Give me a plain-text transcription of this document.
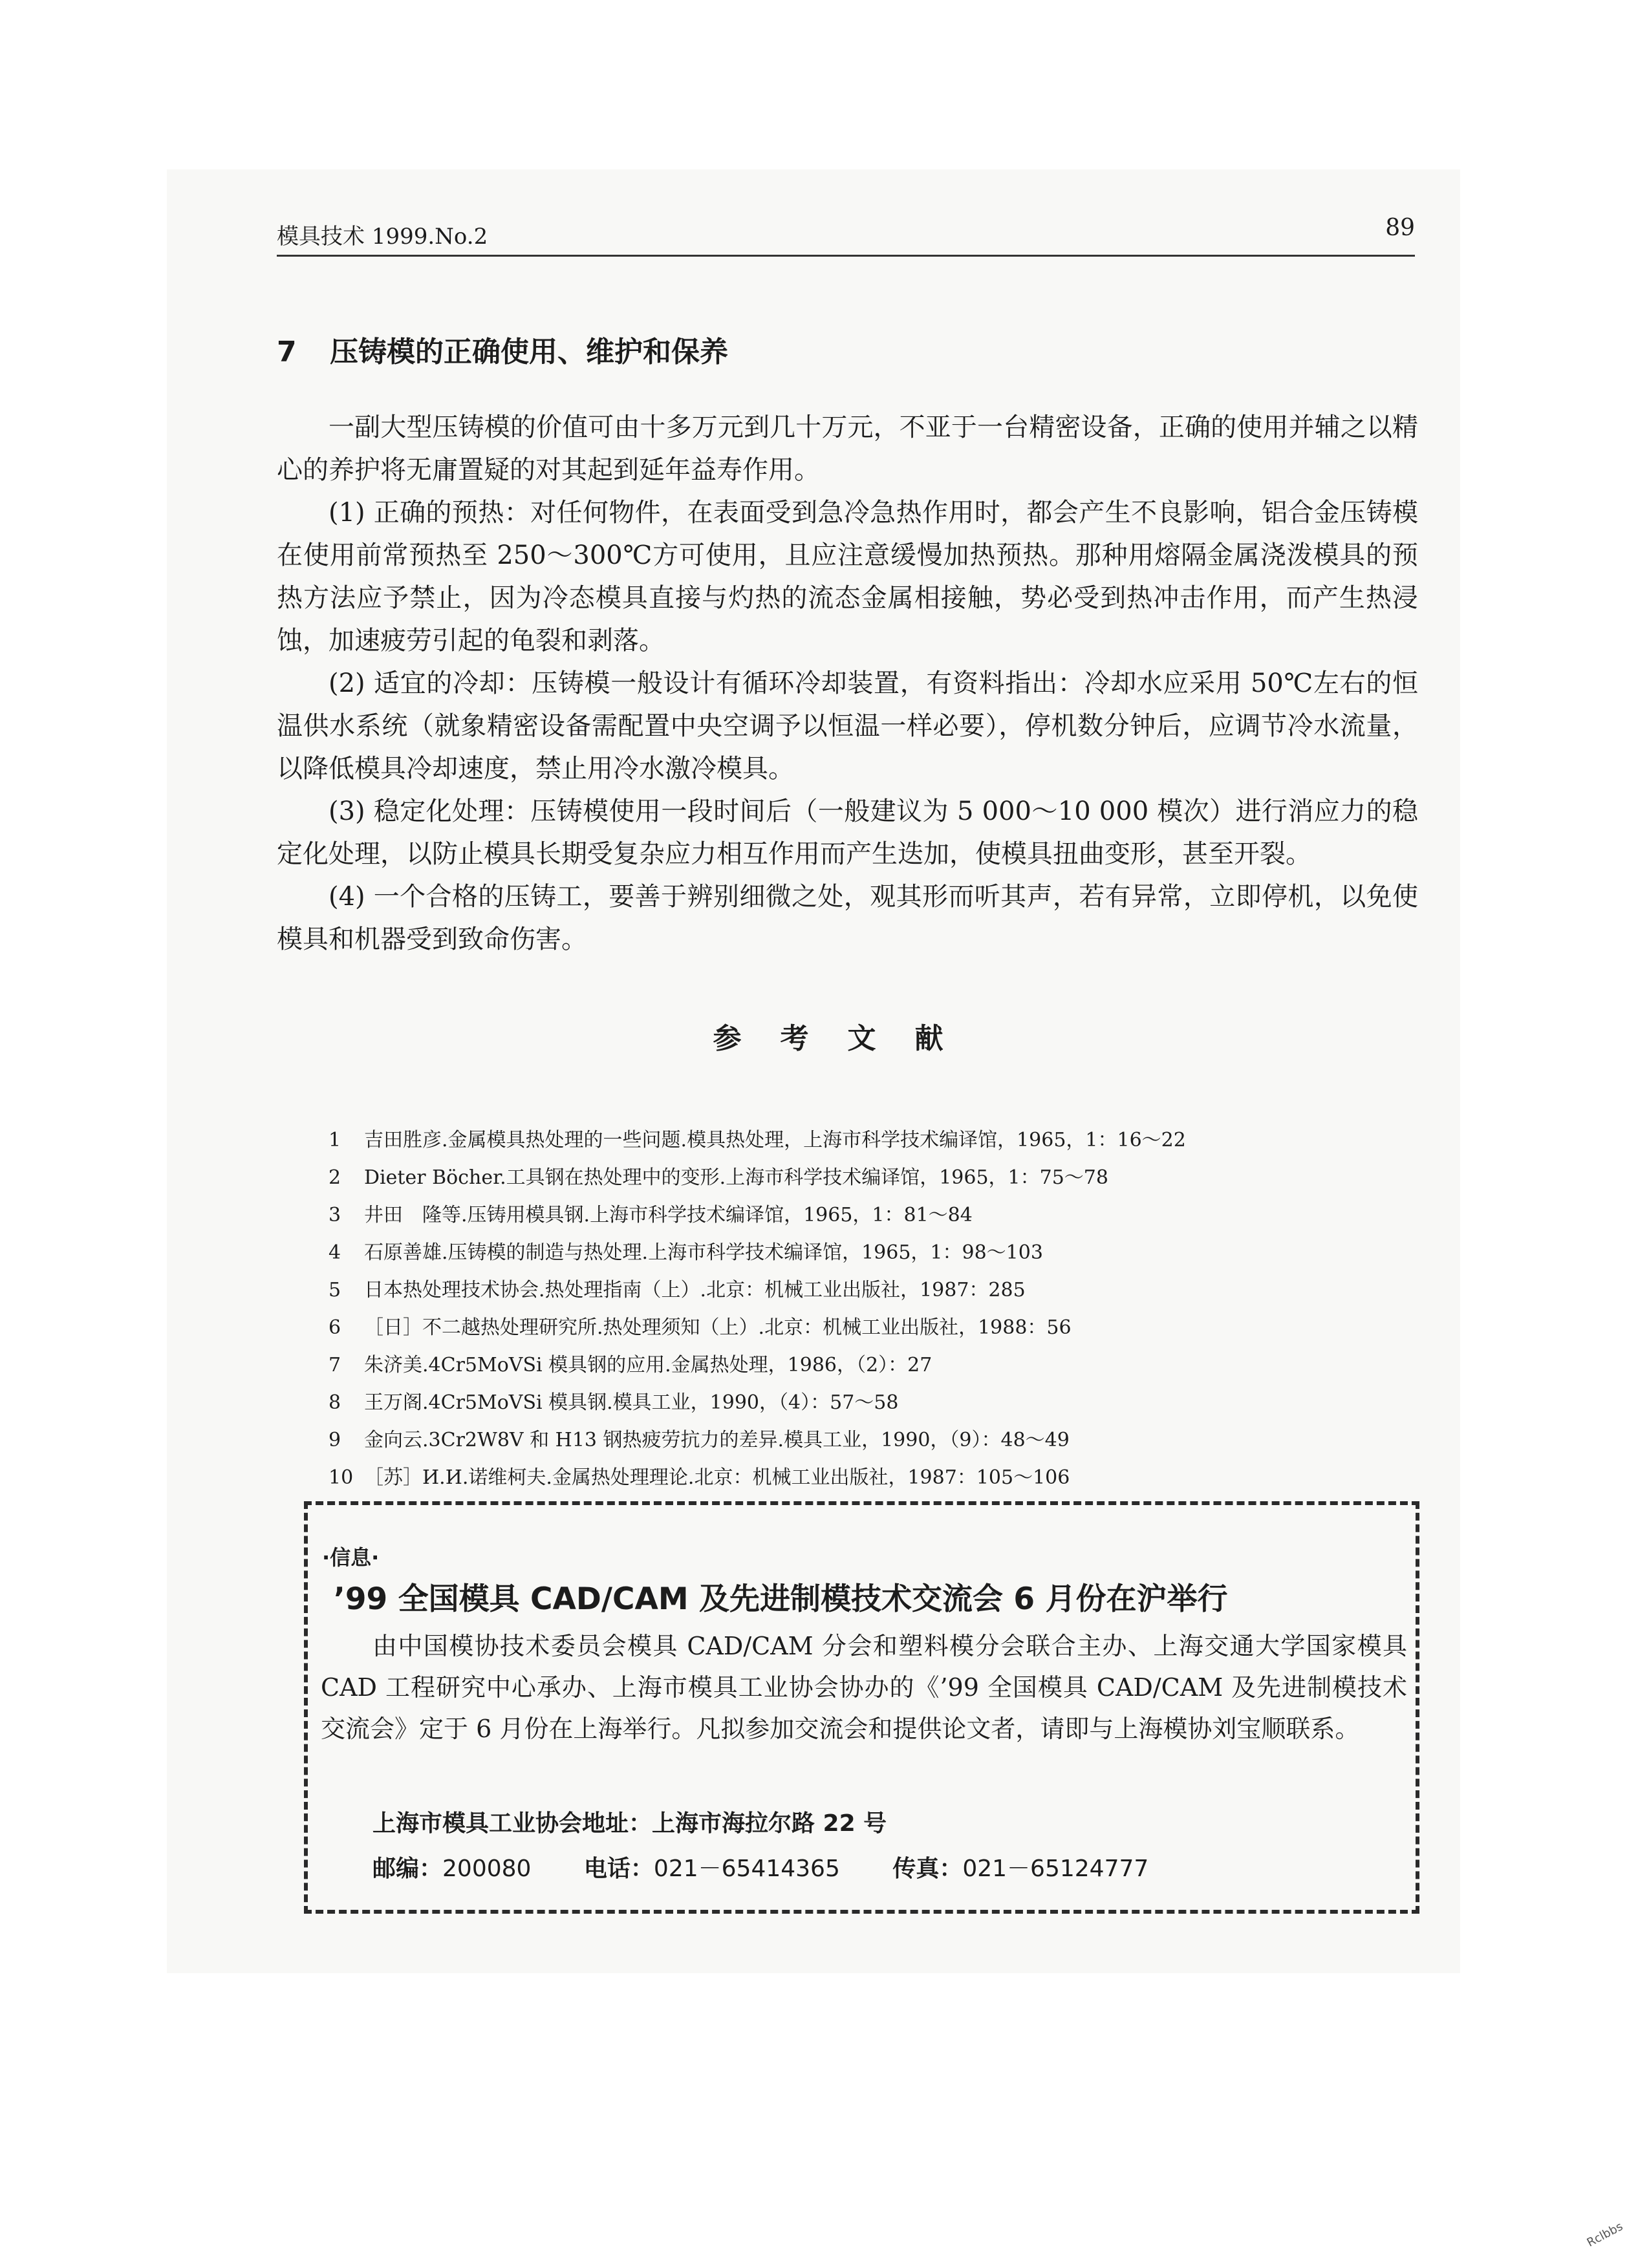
模具技术 1999.No.2	89
7 压铸模的正确使用、维护和保养

一副大型压铸模的价值可由十多万元到几十万元，不亚于一台精密设备，正确的使用并辅之以精心的养护将无庸置疑的对其起到延年益寿作用。

(1) 正确的预热：对任何物件，在表面受到急冷急热作用时，都会产生不良影响，铝合金压铸模在使用前常预热至 250～300℃方可使用，且应注意缓慢加热预热。那种用熔隔金属浇泼模具的预热方法应予禁止，因为冷态模具直接与灼热的流态金属相接触，势必受到热冲击作用，而产生热浸蚀，加速疲劳引起的龟裂和剥落。

(2) 适宜的冷却：压铸模一般设计有循环冷却装置，有资料指出：冷却水应采用 50℃左右的恒温供水系统（就象精密设备需配置中央空调予以恒温一样必要），停机数分钟后，应调节冷水流量，以降低模具冷却速度，禁止用冷水激冷模具。

(3) 稳定化处理：压铸模使用一段时间后（一般建议为 5 000～10 000 模次）进行消应力的稳定化处理，以防止模具长期受复杂应力相互作用而产生迭加，使模具扭曲变形，甚至开裂。

(4) 一个合格的压铸工，要善于辨别细微之处，观其形而听其声，若有异常，立即停机，以免使模具和机器受到致命伤害。

参考文献
1	吉田胜彦.金属模具热处理的一些问题.模具热处理，上海市科学技术编译馆，1965，1：16～22
2	Dieter Böcher.工具钢在热处理中的变形.上海市科学技术编译馆，1965，1：75～78
3	井田　隆等.压铸用模具钢.上海市科学技术编译馆，1965，1：81～84
4	石原善雄.压铸模的制造与热处理.上海市科学技术编译馆，1965，1：98～103
5	日本热处理技术协会.热处理指南（上）.北京：机械工业出版社，1987：285
6	［日］不二越热处理研究所.热处理须知（上）.北京：机械工业出版社，1988：56
7	朱济美.4Cr5MoVSi 模具钢的应用.金属热处理，1986，（2）：27
8	王万阁.4Cr5MoVSi 模具钢.模具工业，1990，（4）：57～58
9	金向云.3Cr2W8V 和 H13 钢热疲劳抗力的差异.模具工业，1990，（9）：48～49
10 ［苏］И.И.诺维柯夫.金属热处理理论.北京：机械工业出版社，1987：105～106
·信息·
’99 全国模具 CAD/CAM 及先进制模技术交流会 6 月份在沪举行

由中国模协技术委员会模具 CAD/CAM 分会和塑料模分会联合主办、上海交通大学国家模具 CAD 工程研究中心承办、上海市模具工业协会协办的《’99 全国模具 CAD/CAM 及先进制模技术交流会》定于 6 月份在上海举行。凡拟参加交流会和提供论文者，请即与上海模协刘宝顺联系。

上海市模具工业协会地址：上海市海拉尔路 22 号

邮编：200080 电话：021－65414365 传真：021－65124777
Rclbbs
